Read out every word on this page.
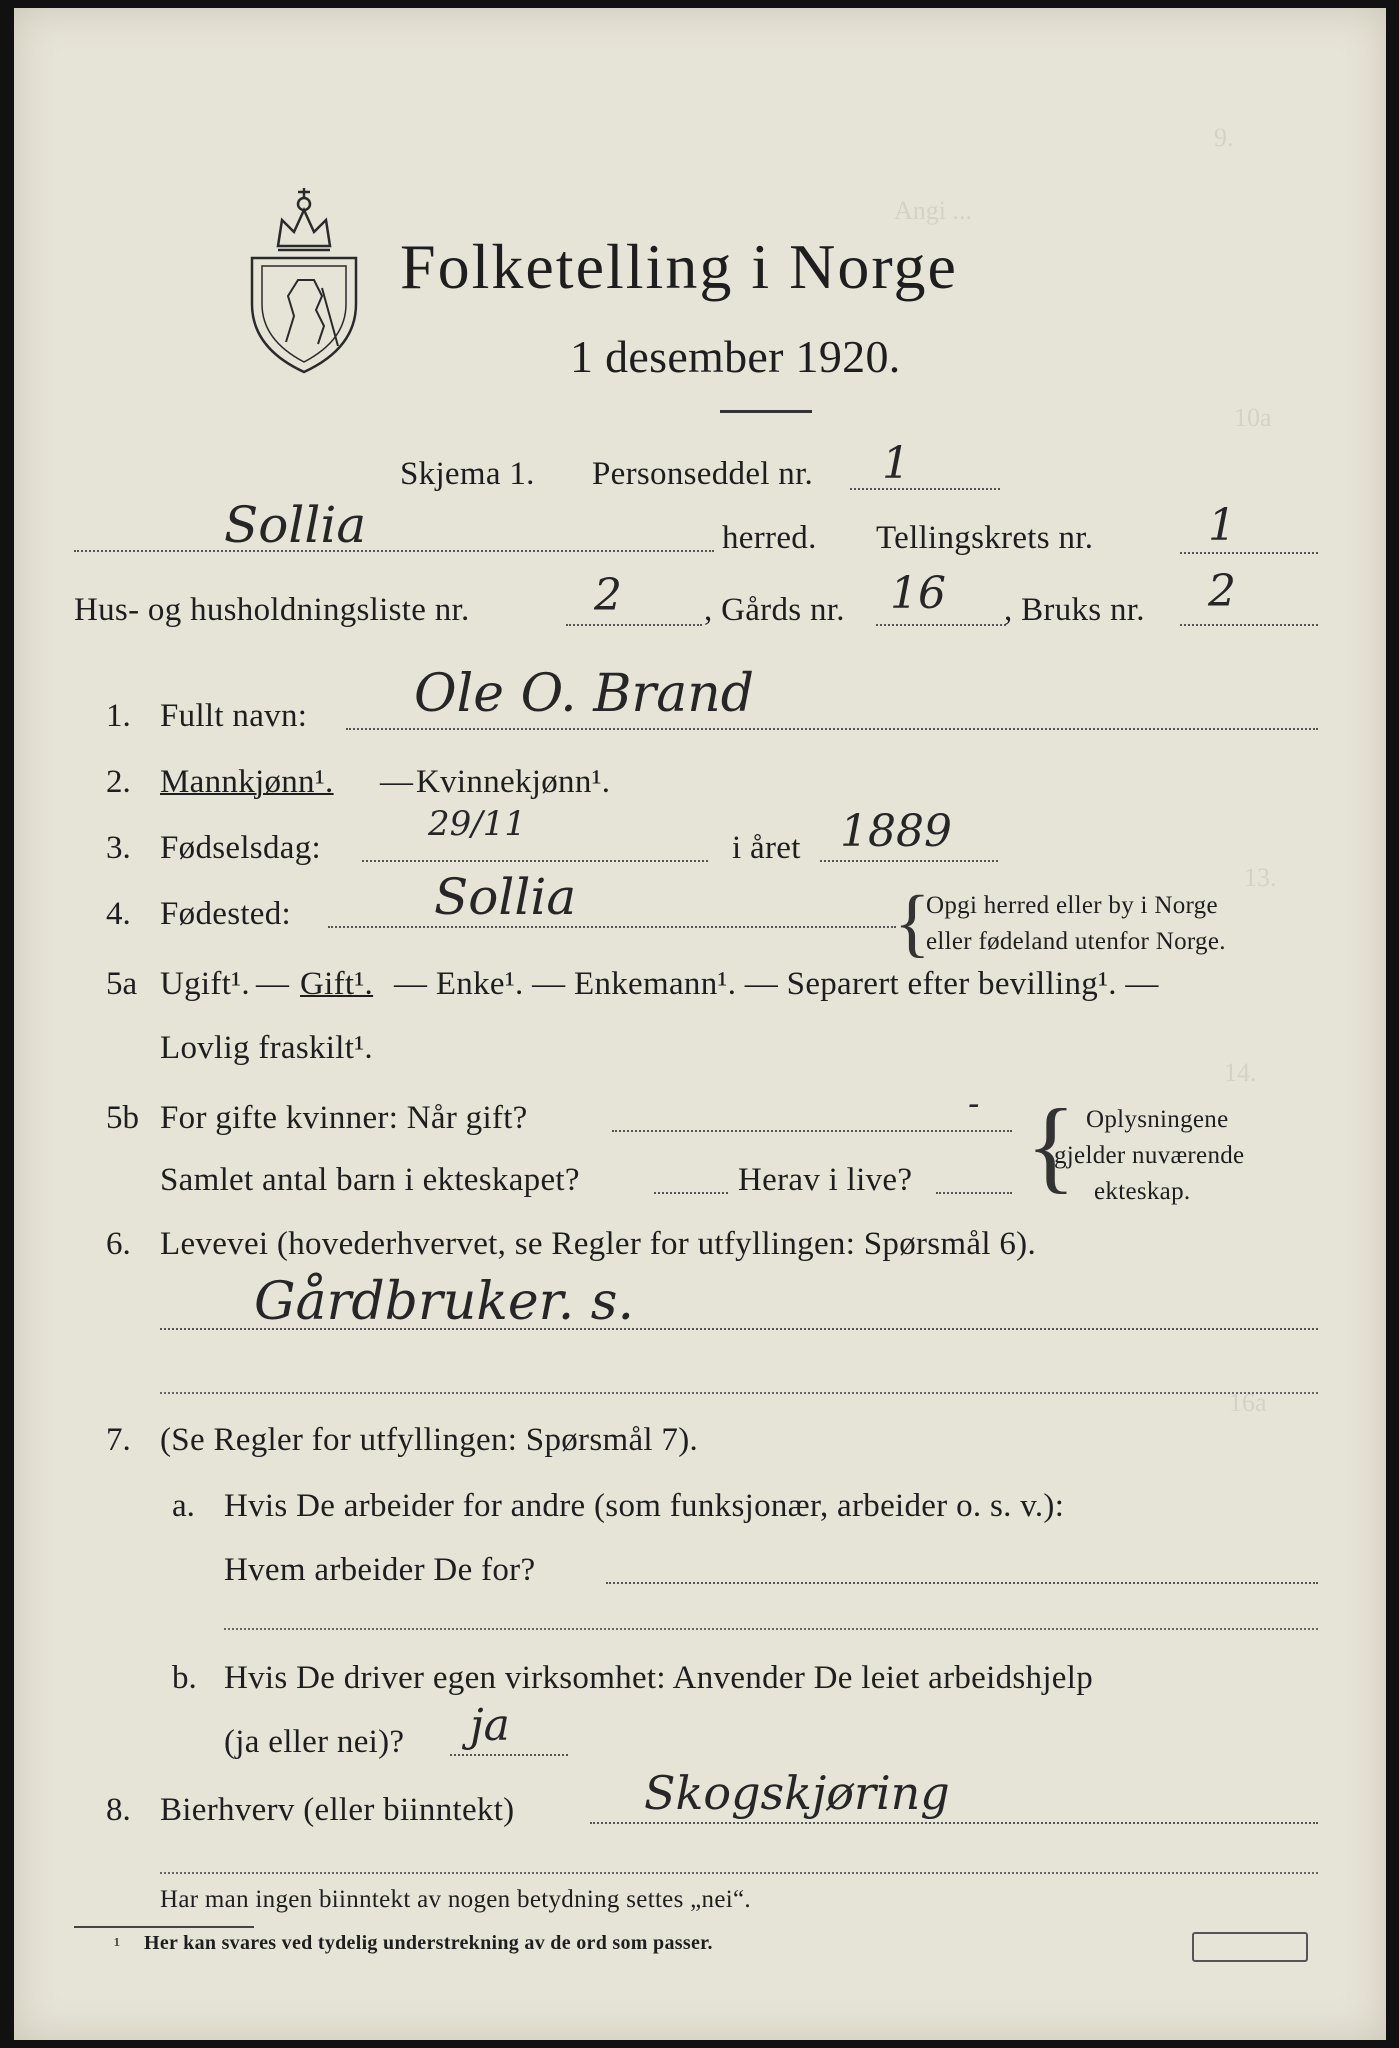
9.
Angi ...
10a
13.
14.
16a
Folketelling i Norge
1 desember 1920.
Skjema 1. Personseddel nr. 1
Sollia	herred. Tellingskrets nr.	1
Hus- og husholdningsliste nr.	2 , Gårds nr. 16 , Bruks nr. 2
1. Fullt navn: Ole O. Brand
2. Mannkjønn¹. — Kvinnekjønn¹.
3. Fødselsdag:
29/11
i året 1889
4. Fødested:	Sollia	{
Opgi herred eller by i Norge
eller fødeland utenfor Norge.
5a Ugift¹. — Gift¹. — Enke¹. — Enkemann¹. — Separert efter bevilling¹. —
Lovlig fraskilt¹.
5b For gifte kvinner: Når gift?	-
Samlet antal barn i ekteskapet?	Herav i live? { Oplysningene
gjelder nuværende
ekteskap.
6. Levevei (hovederhvervet, se Regler for utfyllingen: Spørsmål 6).
Gårdbruker. s.
7. (Se Regler for utfyllingen: Spørsmål 7).
a. Hvis De arbeider for andre (som funksjonær, arbeider o. s. v.):
Hvem arbeider De for?
b. Hvis De driver egen virksomhet: Anvender De leiet arbeidshjelp
(ja eller nei)? ja
8. Bierhverv (eller biinntekt)	Skogskjøring
Har man ingen biinntekt av nogen betydning settes „nei“.
¹ Her kan svares ved tydelig understrekning av de ord som passer.
